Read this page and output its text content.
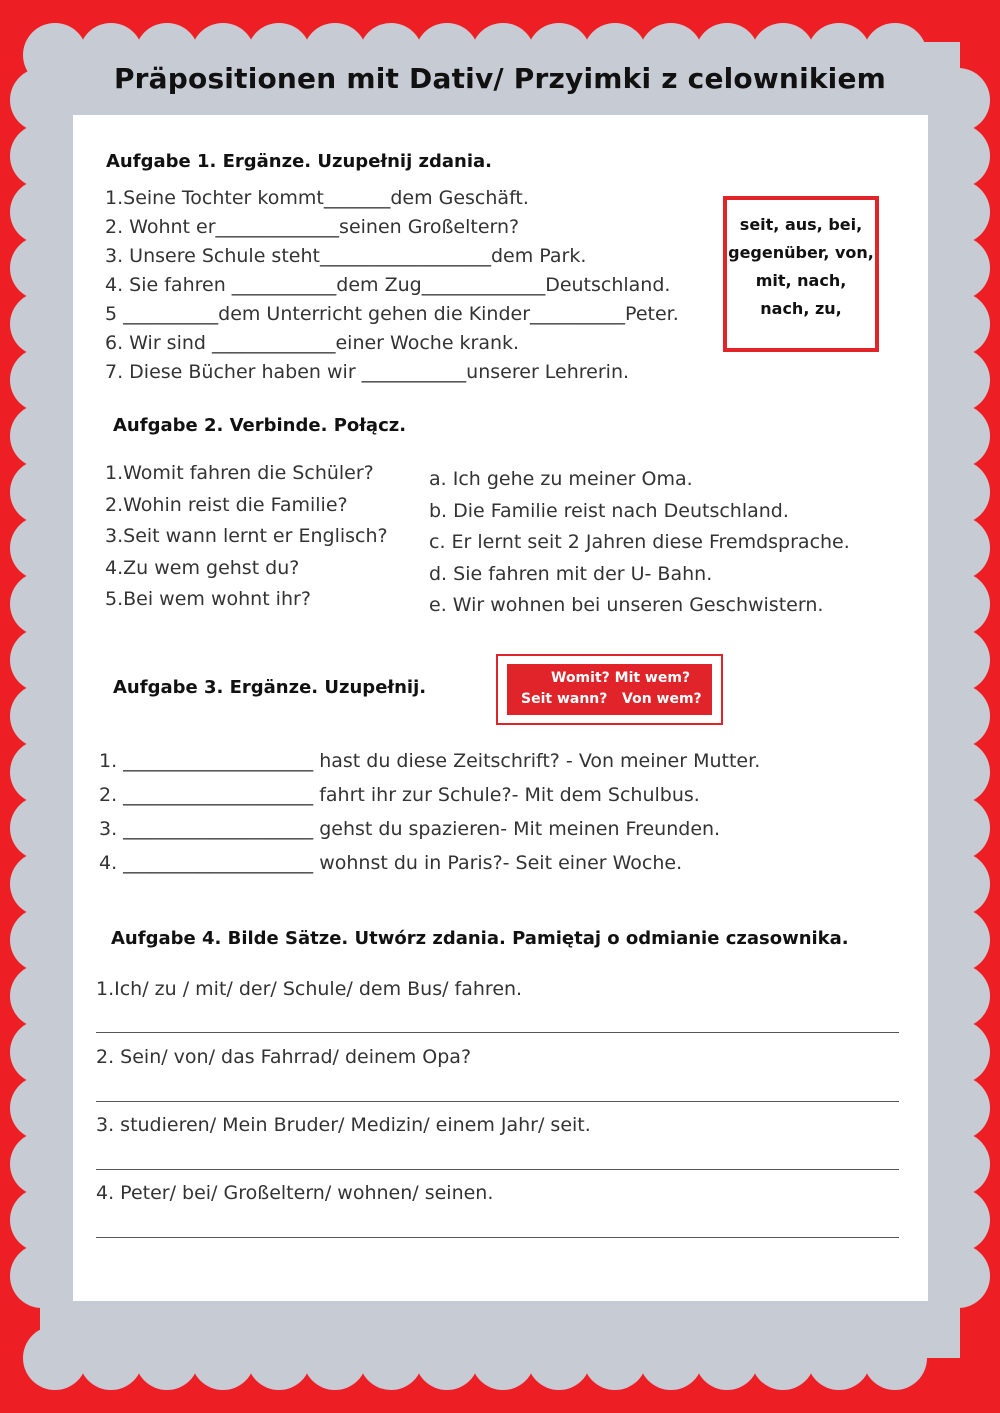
Präpositionen mit Dativ/ Przyimki z celownikiem
Aufgabe 1. Ergänze. Uzupełnij zdania.
1.Seine Tochter kommt_______dem Geschäft.
2. Wohnt er_____________seinen Großeltern?
3. Unsere Schule steht__________________dem Park.
4. Sie fahren ___________dem Zug_____________Deutschland.
5 __________dem Unterricht gehen die Kinder__________Peter.
6. Wir sind _____________einer Woche krank.
7. Diese Bücher haben wir ___________unserer Lehrerin.
seit, aus, bei,
gegenüber, von,
mit, nach,
nach, zu,
Aufgabe 2. Verbinde. Połącz.
1.Womit fahren die Schüler?
2.Wohin reist die Familie?
3.Seit wann lernt er Englisch?
4.Zu wem gehst du?
5.Bei wem wohnt ihr?
a. Ich gehe zu meiner Oma.
b. Die Familie reist nach Deutschland.
c. Er lernt seit 2 Jahren diese Fremdsprache.
d. Sie fahren mit der U- Bahn.
e. Wir wohnen bei unseren Geschwistern.
Aufgabe 3. Ergänze. Uzupełnij.	Womit? Mit wem?
Seit wann? Von wem?
1. ____________________ hast du diese Zeitschrift? - Von meiner Mutter.
2. ____________________ fahrt ihr zur Schule?- Mit dem Schulbus.
3. ____________________ gehst du spazieren- Mit meinen Freunden.
4. ____________________ wohnst du in Paris?- Seit einer Woche.
Aufgabe 4. Bilde Sätze. Utwórz zdania. Pamiętaj o odmianie czasownika.
1.Ich/ zu / mit/ der/ Schule/ dem Bus/ fahren.
2. Sein/ von/ das Fahrrad/ deinem Opa?
3. studieren/ Mein Bruder/ Medizin/ einem Jahr/ seit.
4. Peter/ bei/ Großeltern/ wohnen/ seinen.
